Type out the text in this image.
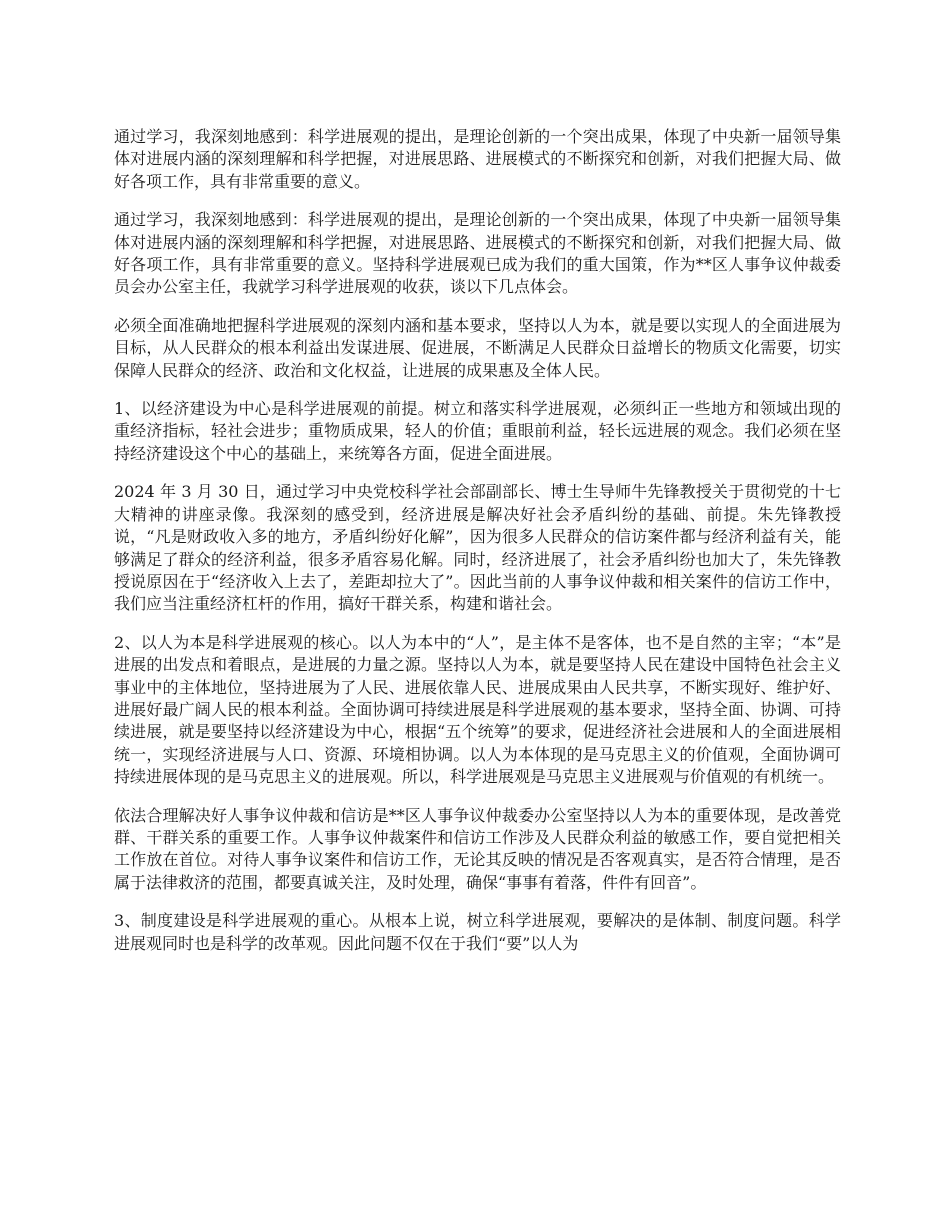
通过学习，我深刻地感到：科学进展观的提出，是理论创新的一个突出成果，体现了中央新一届领导集体对进展内涵的深刻理解和科学把握，对进展思路、进展模式的不断探究和创新，对我们把握大局、做好各项工作，具有非常重要的意义。

通过学习，我深刻地感到：科学进展观的提出，是理论创新的一个突出成果，体现了中央新一届领导集体对进展内涵的深刻理解和科学把握，对进展思路、进展模式的不断探究和创新，对我们把握大局、做好各项工作，具有非常重要的意义。坚持科学进展观已成为我们的重大国策，作为**区人事争议仲裁委员会办公室主任，我就学习科学进展观的收获，谈以下几点体会。

必须全面准确地把握科学进展观的深刻内涵和基本要求，坚持以人为本，就是要以实现人的全面进展为目标，从人民群众的根本利益出发谋进展、促进展，不断满足人民群众日益增长的物质文化需要，切实保障人民群众的经济、政治和文化权益，让进展的成果惠及全体人民。

1、以经济建设为中心是科学进展观的前提。树立和落实科学进展观，必须纠正一些地方和领域出现的重经济指标，轻社会进步；重物质成果，轻人的价值；重眼前利益，轻长远进展的观念。我们必须在坚持经济建设这个中心的基础上，来统筹各方面，促进全面进展。

2024 年 3 月 30 日，通过学习中央党校科学社会部副部长、博士生导师牛先锋教授关于贯彻党的十七大精神的讲座录像。我深刻的感受到，经济进展是解决好社会矛盾纠纷的基础、前提。朱先锋教授说，“凡是财政收入多的地方，矛盾纠纷好化解”，因为很多人民群众的信访案件都与经济利益有关，能够满足了群众的经济利益，很多矛盾容易化解。同时，经济进展了，社会矛盾纠纷也加大了，朱先锋教授说原因在于“经济收入上去了，差距却拉大了”。因此当前的人事争议仲裁和相关案件的信访工作中，我们应当注重经济杠杆的作用，搞好干群关系，构建和谐社会。

2、以人为本是科学进展观的核心。以人为本中的“人”，是主体不是客体，也不是自然的主宰；“本”是进展的出发点和着眼点，是进展的力量之源。坚持以人为本，就是要坚持人民在建设中国特色社会主义事业中的主体地位，坚持进展为了人民、进展依靠人民、进展成果由人民共享，不断实现好、维护好、进展好最广阔人民的根本利益。全面协调可持续进展是科学进展观的基本要求，坚持全面、协调、可持续进展，就是要坚持以经济建设为中心，根据“五个统筹”的要求，促进经济社会进展和人的全面进展相统一，实现经济进展与人口、资源、环境相协调。以人为本体现的是马克思主义的价值观，全面协调可持续进展体现的是马克思主义的进展观。所以，科学进展观是马克思主义进展观与价值观的有机统一。

依法合理解决好人事争议仲裁和信访是**区人事争议仲裁委办公室坚持以人为本的重要体现，是改善党群、干群关系的重要工作。人事争议仲裁案件和信访工作涉及人民群众利益的敏感工作，要自觉把相关工作放在首位。对待人事争议案件和信访工作，无论其反映的情况是否客观真实，是否符合情理，是否属于法律救济的范围，都要真诚关注，及时处理，确保“事事有着落，件件有回音”。

3、制度建设是科学进展观的重心。从根本上说，树立科学进展观，要解决的是体制、制度问题。科学进展观同时也是科学的改革观。因此问题不仅在于我们“要”以人为
